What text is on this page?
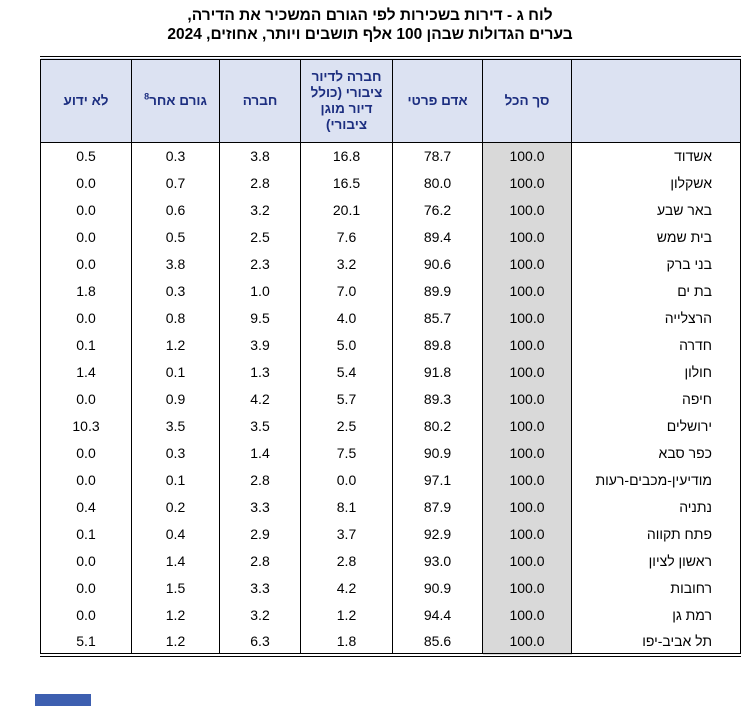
לוח ג - דירות בשכירות לפי הגורם המשכיר את הדירה,
בערים הגדולות שבהן 100 אלף תושבים ויותר, אחוזים, 2024
	סך הכל	אדם פרטי	חברה לדיור ציבורי (כולל דיור מוגן ציבורי)	חברה	גורם אחר$^8$	לא ידוע
אשדוד	100.0	78.7	16.8	3.8	0.3	0.5
אשקלון	100.0	80.0	16.5	2.8	0.7	0.0
באר שבע	100.0	76.2	20.1	3.2	0.6	0.0
בית שמש	100.0	89.4	7.6	2.5	0.5	0.0
בני ברק	100.0	90.6	3.2	2.3	3.8	0.0
בת ים	100.0	89.9	7.0	1.0	0.3	1.8
הרצלייה	100.0	85.7	4.0	9.5	0.8	0.0
חדרה	100.0	89.8	5.0	3.9	1.2	0.1
חולון	100.0	91.8	5.4	1.3	0.1	1.4
חיפה	100.0	89.3	5.7	4.2	0.9	0.0
ירושלים	100.0	80.2	2.5	3.5	3.5	10.3
כפר סבא	100.0	90.9	7.5	1.4	0.3	0.0
מודיעין-מכבים-רעות	100.0	97.1	0.0	2.8	0.1	0.0
נתניה	100.0	87.9	8.1	3.3	0.2	0.4
פתח תקווה	100.0	92.9	3.7	2.9	0.4	0.1
ראשון לציון	100.0	93.0	2.8	2.8	1.4	0.0
רחובות	100.0	90.9	4.2	3.3	1.5	0.0
רמת גן	100.0	94.4	1.2	3.2	1.2	0.0
תל אביב-יפו	100.0	85.6	1.8	6.3	1.2	5.1
